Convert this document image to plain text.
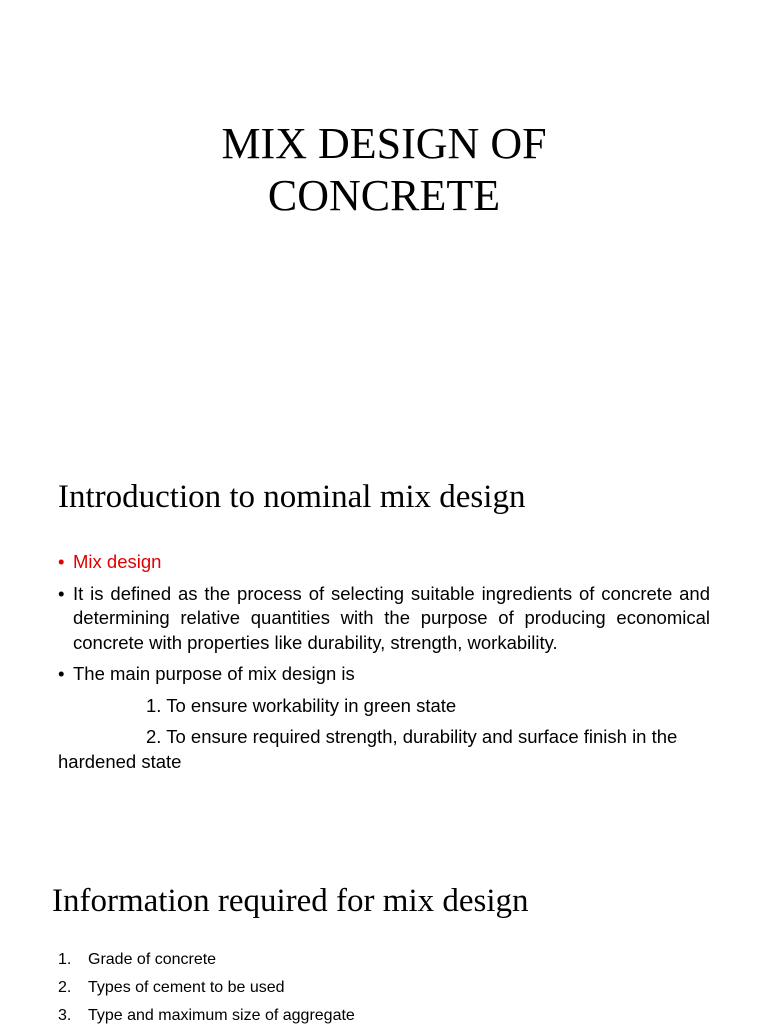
MIX DESIGN OF
CONCRETE
Introduction to nominal mix design
• Mix design
• It is defined as the process of selecting suitable ingredients of concrete and determining relative quantities with the purpose of producing economical concrete with properties like durability, strength, workability.
• The main purpose of mix design is
1. To ensure workability in green state
2. To ensure required strength, durability and surface finish in the hardened state
Information required for mix design
1. Grade of concrete
2. Types of cement to be used
3. Type and maximum size of aggregate
